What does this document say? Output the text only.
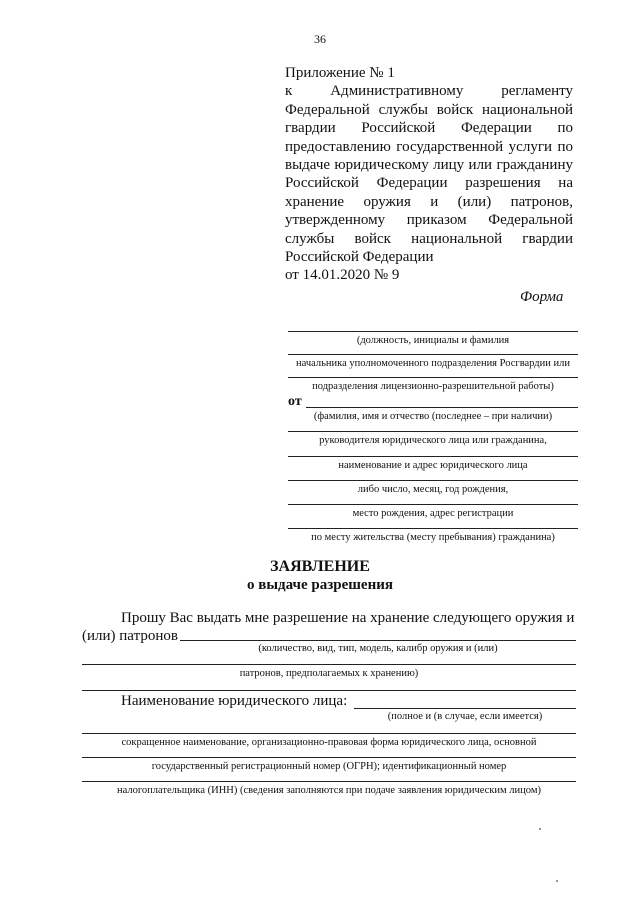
36
Приложение № 1
к Административному регламенту
Федеральной службы войск национальной
гвардии Российской Федерации по
предоставлению государственной услуги по
выдаче юридическому лицу или гражданину
Российской Федерации разрешения на
хранение оружия и (или) патронов,
утвержденному приказом Федеральной
службы войск национальной гвардии
Российской Федерации
от 14.01.2020 № 9
Форма
(должность, инициалы и фамилия
начальника уполномоченного подразделения Росгвардии или
подразделения лицензионно-разрешительной работы)
от
(фамилия, имя и отчество (последнее – при наличии)
руководителя юридического лица или гражданина,
наименование и адрес юридического лица
либо число, месяц, год рождения,
место рождения, адрес регистрации
по месту жительства (месту пребывания) гражданина)
ЗАЯВЛЕНИЕ
о выдаче разрешения
Прошу Вас выдать мне разрешение на хранение следующего оружия и
(или) патронов
(количество, вид, тип, модель, калибр оружия и (или)
патронов, предполагаемых к хранению)
Наименование юридического лица:
(полное и (в случае, если имеется)
сокращенное наименование, организационно-правовая форма юридического лица, основной
государственный регистрационный номер (ОГРН); идентификационный номер
налогоплательщика (ИНН) (сведения заполняются при подаче заявления юридическим лицом)
